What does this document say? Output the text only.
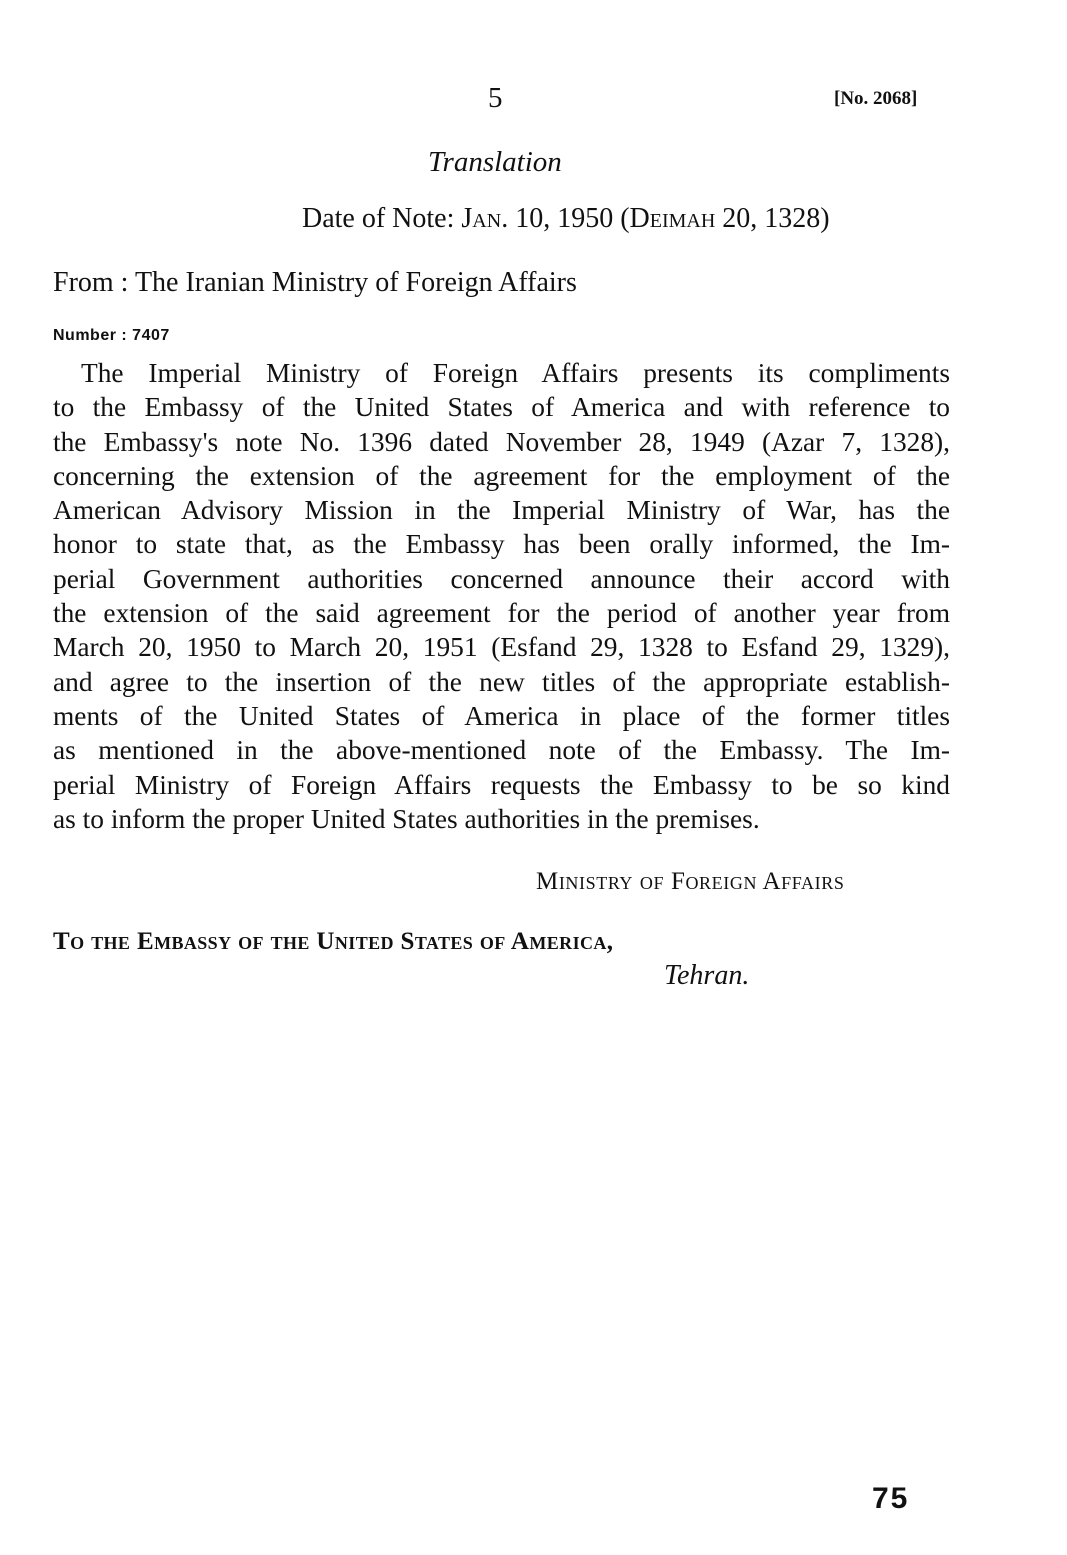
5	[No. 2068]
Translation
Date of Note: Jan. 10, 1950 (Deimah 20, 1328)
From : The Iranian Ministry of Foreign Affairs
Number : 7407
The Imperial Ministry of Foreign Affairs presents its compliments
to the Embassy of the United States of America and with reference to
the Embassy's note No. 1396 dated November 28, 1949 (Azar 7, 1328),
concerning the extension of the agreement for the employment of the
American Advisory Mission in the Imperial Ministry of War, has the
honor to state that, as the Embassy has been orally informed, the Im-
perial Government authorities concerned announce their accord with
the extension of the said agreement for the period of another year from
March 20, 1950 to March 20, 1951 (Esfand 29, 1328 to Esfand 29, 1329),
and agree to the insertion of the new titles of the appropriate establish-
ments of the United States of America in place of the former titles
as mentioned in the above-mentioned note of the Embassy. The Im-
perial Ministry of Foreign Affairs requests the Embassy to be so kind
as to inform the proper United States authorities in the premises.
Ministry of Foreign Affairs
To the Embassy of the United States of America,
Tehran.
75
